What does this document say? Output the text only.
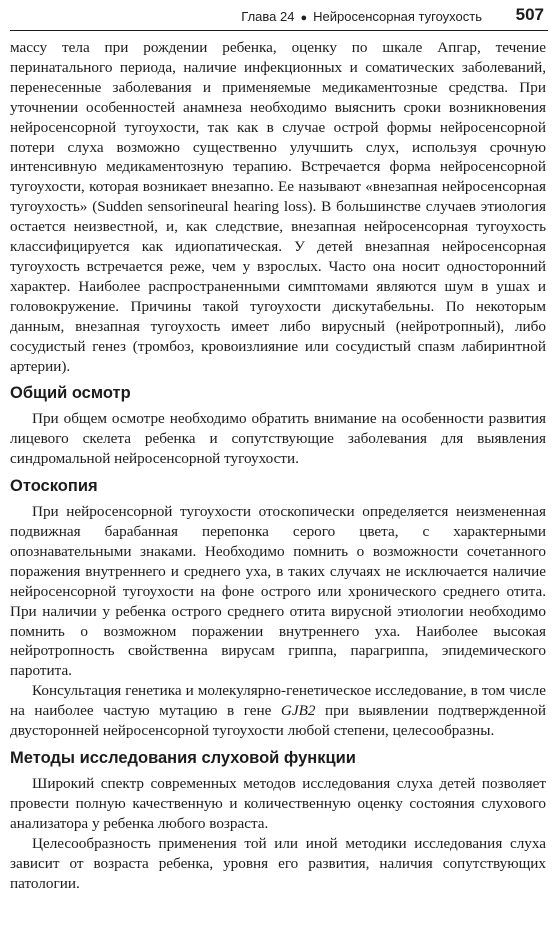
Глава 24 ● Нейросенсорная тугоухость 507

массу тела при рождении ребенка, оценку по шкале Апгар, течение перинатального периода, наличие инфекционных и соматических заболеваний, перенесенные заболевания и применяемые медикаментозные средства. При уточнении особенностей анамнеза необходимо выяснить сроки возникновения нейросенсорной тугоухости, так как в случае острой формы нейросенсорной потери слуха возможно существенно улучшить слух, используя срочную интенсивную медикаментозную терапию. Встречается форма нейросенсорной тугоухости, которая возникает внезапно. Ее называют «внезапная нейросенсорная тугоухость» (Sudden sensorineural hearing loss). В большинстве случаев этиология остается неизвестной, и, как следствие, внезапная нейросенсорная тугоухость классифицируется как идиопатическая. У детей внезапная нейросенсорная тугоухость встречается реже, чем у взрослых. Часто она носит односторонний характер. Наиболее распространенными симптомами являются шум в ушах и головокружение. Причины такой тугоухости дискутабельны. По некоторым данным, внезапная тугоухость имеет либо вирусный (нейротропный), либо сосудистый генез (тромбоз, кровоизлияние или сосудистый спазм лабиринтной артерии).

Общий осмотр

При общем осмотре необходимо обратить внимание на особенности развития лицевого скелета ребенка и сопутствующие заболевания для выявления синдромальной нейросенсорной тугоухости.

Отоскопия

При нейросенсорной тугоухости отоскопически определяется неизмененная подвижная барабанная перепонка серого цвета, с характерными опознавательными знаками. Необходимо помнить о возможности сочетанного поражения внутреннего и среднего уха, в таких случаях не исключается наличие нейросенсорной тугоухости на фоне острого или хронического среднего отита. При наличии у ребенка острого среднего отита вирусной этиологии необходимо помнить о возможном поражении внутреннего уха. Наиболее высокая нейротропность свойственна вирусам гриппа, парагриппа, эпидемического паротита.

Консультация генетика и молекулярно-генетическое исследование, в том числе на наиболее частую мутацию в гене GJB2 при выявлении подтвержденной двусторонней нейросенсорной тугоухости любой степени, целесообразны.

Методы исследования слуховой функции

Широкий спектр современных методов исследования слуха детей позволяет провести полную качественную и количественную оценку состояния слухового анализатора у ребенка любого возраста.

Целесообразность применения той или иной методики исследования слуха зависит от возраста ребенка, уровня его развития, наличия сопутствующих патологии.
